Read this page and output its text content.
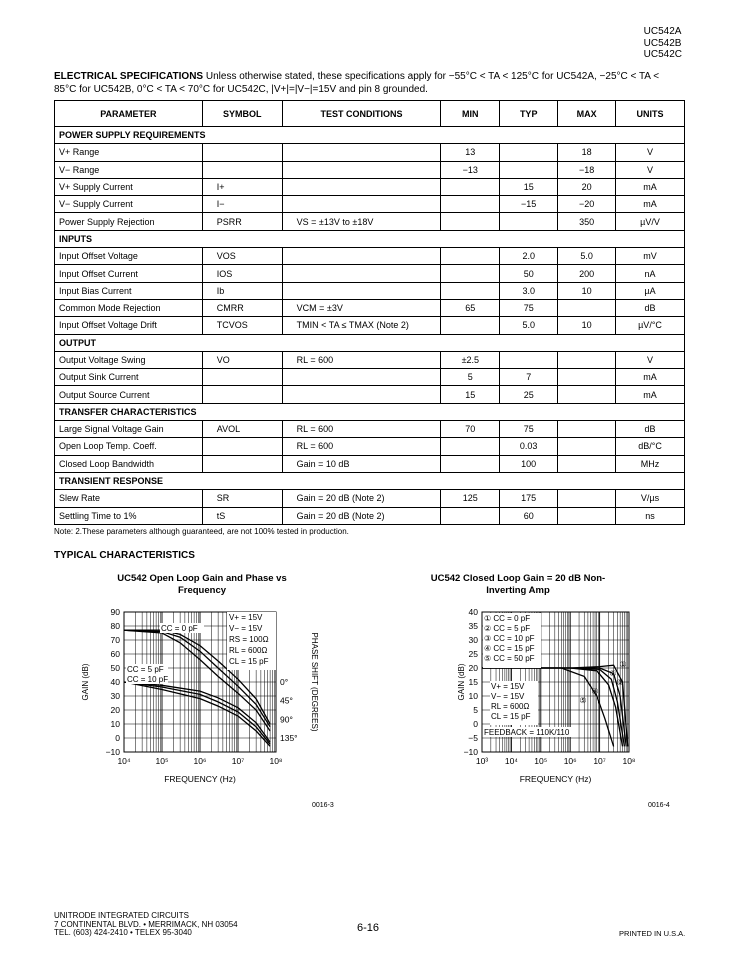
UC542A
UC542B
UC542C
ELECTRICAL SPECIFICATIONS Unless otherwise stated, these specifications apply for −55°C < TA < 125°C for UC542A, −25°C < TA < 85°C for UC542B, 0°C < TA < 70°C for UC542C, |V+|=|V−|=15V and pin 8 grounded.
PARAMETER	SYMBOL	TEST CONDITIONS	MIN	TYP	MAX	UNITS
POWER SUPPLY REQUIREMENTS						
V+ Range			13		18	V
V− Range			−13		−18	V
V+ Supply Current	I+			15	20	mA
V− Supply Current	I−			−15	−20	mA
Power Supply Rejection	PSRR	VS = ±13V to ±18V			350	µV/V
INPUTS						
Input Offset Voltage	VOS			2.0	5.0	mV
Input Offset Current	IOS			50	200	nA
Input Bias Current	Ib			3.0	10	µA
Common Mode Rejection	CMRR	VCM = ±3V	65	75		dB
Input Offset Voltage Drift	TCVOS	TMIN < TA ≤ TMAX (Note 2)		5.0	10	µV/°C
OUTPUT						
Output Voltage Swing	VO	RL = 600	±2.5			V
Output Sink Current			5	7		mA
Output Source Current			15	25		mA
TRANSFER CHARACTERISTICS						
Large Signal Voltage Gain	AVOL	RL = 600	70	75		dB
Open Loop Temp. Coeff.		RL = 600		0.03		dB/°C
Closed Loop Bandwidth		Gain = 10 dB		100		MHz
TRANSIENT RESPONSE						
Slew Rate	SR	Gain = 20 dB (Note 2)	125	175		V/µs
Settling Time to 1%	tS	Gain = 20 dB (Note 2)		60		ns
Note: 2.These parameters although guaranteed, are not 100% tested in production.
TYPICAL CHARACTERISTICS
UC542 Open Loop Gain and Phase vs Frequency
UC542 Closed Loop Gain = 20 dB Non-Inverting Amp
90
80
70
60
50
40
30
20
10
0
−10
10⁴	10⁵	10⁶	10⁷	10⁸
FREQUENCY (Hz)
GAIN (dB)	0°
45°
90°
135°
PHASE SHIFT (DEGREES)
V+ = 15V
V− = 15V
RS = 100Ω
RL = 600Ω
CL = 15 pF
CC = 0 pF
CC = 5 pF
CC = 10 pF
40
35
30
25
20
15
10
5
0
−5
−10
10³ 10⁴ 10⁵ 10⁶ 10⁷ 10⁸
FREQUENCY (Hz)
GAIN (dB)
① CC = 0 pF
② CC = 5 pF
③ CC = 10 pF
④ CC = 15 pF
⑤ CC = 50 pF
V+ = 15V
V− = 15V
RL = 600Ω
CL = 15 pF
FEEDBACK = 110K/110
①
②
③
④
⑤
0016-3	0016-4
UNITRODE INTEGRATED CIRCUITS
7 CONTINENTAL BLVD. • MERRIMACK, NH 03054
TEL. (603) 424-2410 • TELEX 95-3040	6-16	PRINTED IN U.S.A.
